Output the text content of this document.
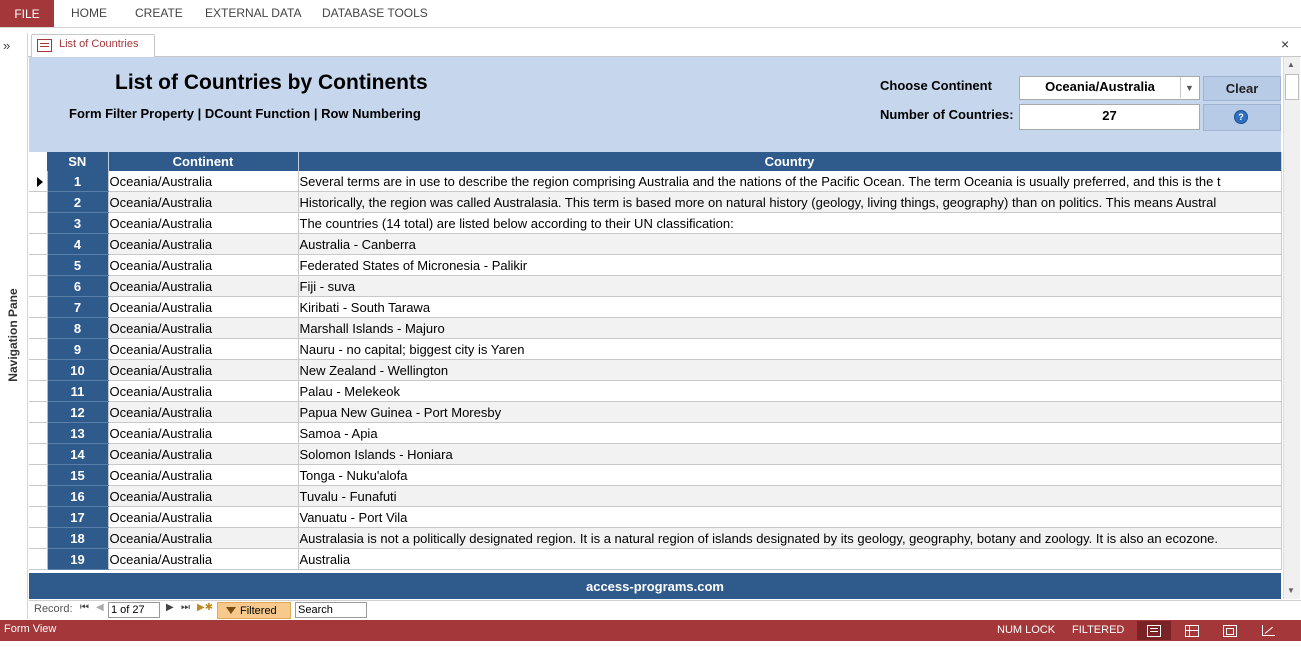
FILE	HOME CREATE EXTERNAL DATA DATABASE TOOLS
»
Navigation Pane
List of Countries	×
List of Countries by Continents
Form Filter Property | DCount Function | Row Numbering
Choose Continent
Number of Countries:
Oceania/Australia	▼
27
Clear
?
	SN	Continent	Country
	1	Oceania/Australia	Several terms are in use to describe the region comprising Australia and the nations of the Pacific Ocean. The term Oceania is usually preferred, and this is the t
	2	Oceania/Australia	Historically, the region was called Australasia. This term is based more on natural history (geology, living things, geography) than on politics. This means Austral
	3	Oceania/Australia	The countries (14 total) are listed below according to their UN classification:
	4	Oceania/Australia	Australia - Canberra
	5	Oceania/Australia	Federated States of Micronesia - Palikir
	6	Oceania/Australia	Fiji - suva
	7	Oceania/Australia	Kiribati - South Tarawa
	8	Oceania/Australia	Marshall Islands - Majuro
	9	Oceania/Australia	Nauru - no capital; biggest city is Yaren
	10	Oceania/Australia	New Zealand - Wellington
	11	Oceania/Australia	Palau - Melekeok
	12	Oceania/Australia	Papua New Guinea - Port Moresby
	13	Oceania/Australia	Samoa - Apia
	14	Oceania/Australia	Solomon Islands - Honiara
	15	Oceania/Australia	Tonga - Nuku'alofa
	16	Oceania/Australia	Tuvalu - Funafuti
	17	Oceania/Australia	Vanuatu - Port Vila
	18	Oceania/Australia	Australasia is not a politically designated region. It is a natural region of islands designated by its geology, geography, botany and zoology. It is also an ecozone.
	19	Oceania/Australia	Australia
access-programs.com
▲
▼
Record: ⏮ ◀ 1 of 27	▶ ⏭ ▶✱ Filtered Search
Form View	NUM LOCK FILTERED
